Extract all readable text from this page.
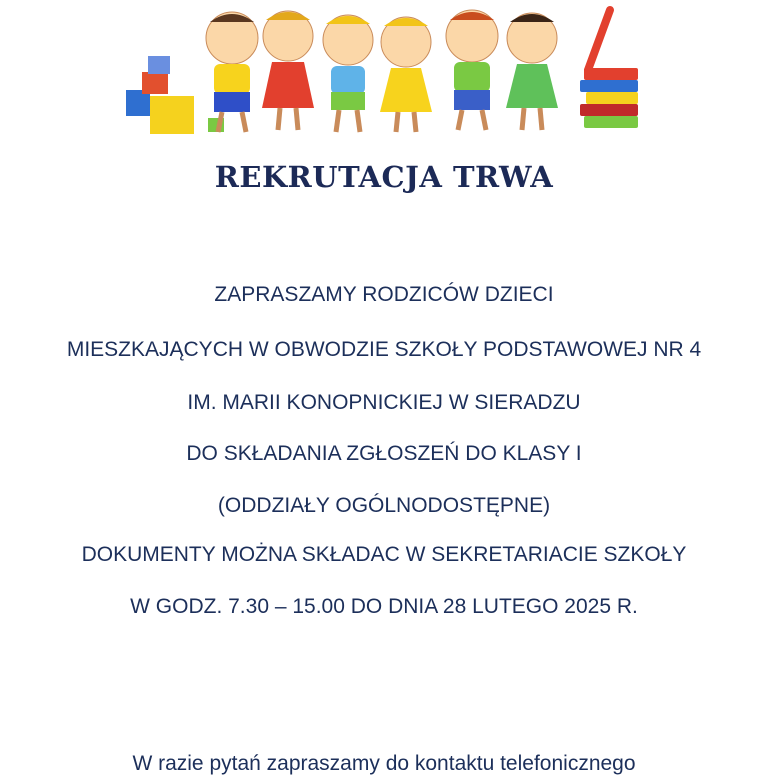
REKRUTACJA TRWA
ZAPRASZAMY RODZICÓW DZIECI
MIESZKAJĄCYCH W OBWODZIE SZKOŁY PODSTAWOWEJ NR 4
IM. MARII KONOPNICKIEJ W SIERADZU
DO SKŁADANIA ZGŁOSZEŃ DO KLASY I
(ODDZIAŁY OGÓLNODOSTĘPNE)
DOKUMENTY MOŻNA SKŁADAC W SEKRETARIACIE SZKOŁY
W GODZ. 7.30 – 15.00 DO DNIA 28 LUTEGO 2025 R.
W razie pytań zapraszamy do kontaktu telefonicznego
